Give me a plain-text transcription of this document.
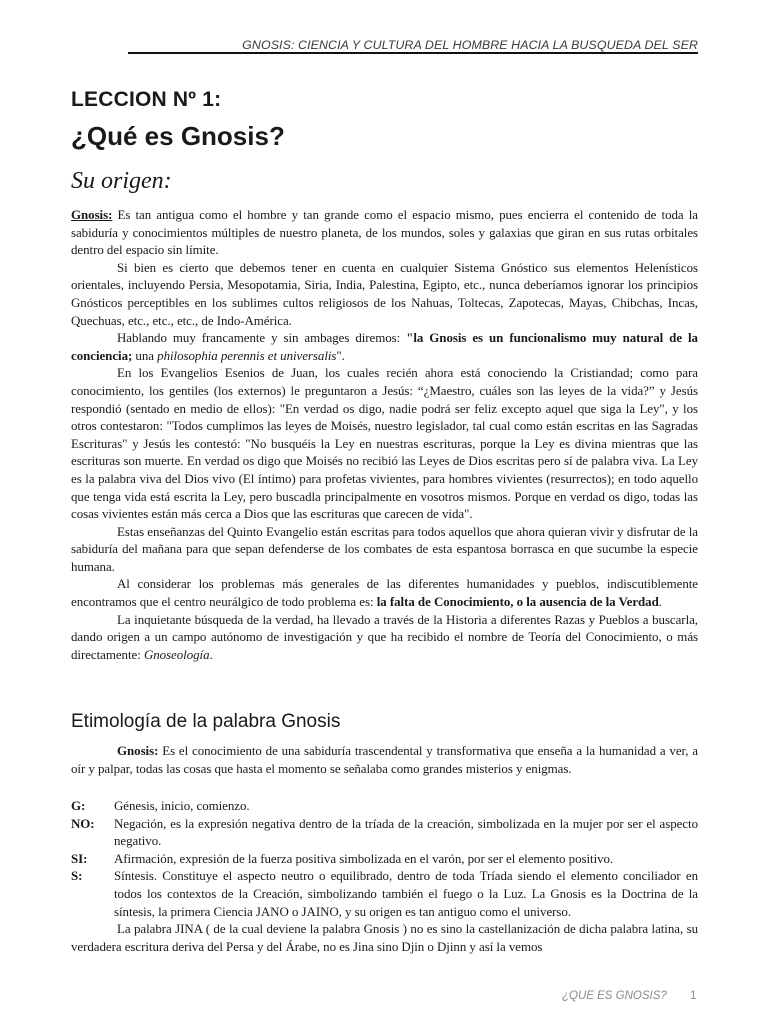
GNOSIS: CIENCIA Y CULTURA DEL HOMBRE HACIA LA BUSQUEDA DEL SER
LECCION Nº 1:
¿Qué es Gnosis?
Su origen:

Gnosis: Es tan antigua como el hombre y tan grande como el espacio mismo, pues encierra el contenido de toda la sabiduría y conocimientos múltiples de nuestro planeta, de los mundos, soles y galaxias que giran en sus rutas orbitales dentro del espacio sin límite.

Si bien es cierto que debemos tener en cuenta en cualquier Sistema Gnóstico sus elementos Helenísticos orientales, incluyendo Persia, Mesopotamia, Siria, India, Palestina, Egipto, etc., nunca deberíamos ignorar los principios Gnósticos perceptibles en los sublimes cultos religiosos de los Nahuas, Toltecas, Zapotecas, Mayas, Chibchas, Incas, Quechuas, etc., etc., etc., de Indo-América.

Hablando muy francamente y sin ambages diremos: "la Gnosis es un funcionalismo muy natural de la conciencia; una philosophia perennis et universalis".

En los Evangelios Esenios de Juan, los cuales recién ahora está conociendo la Cristiandad; como para conocimiento, los gentiles (los externos) le preguntaron a Jesús: “¿Maestro, cuáles son las leyes de la vida?” y Jesús respondió (sentado en medio de ellos): "En verdad os digo, nadie podrá ser feliz excepto aquel que siga la Ley", y los otros contestaron: "Todos cumplimos las leyes de Moisés, nuestro legislador, tal cual como están escritas en las Sagradas Escrituras" y Jesús les contestó: "No busquéis la Ley en nuestras escrituras, porque la Ley es divina mientras que las escrituras son muerte. En verdad os digo que Moisés no recibió las Leyes de Dios escritas pero sí de palabra viva. La Ley es la palabra viva del Dios vivo (El íntimo) para profetas vivientes, para hombres vivientes (resurrectos); en todo aquello que tenga vida está escrita la Ley, pero buscadla principalmente en vosotros mismos. Porque en verdad os digo, todas las cosas vivientes están más cerca a Dios que las escrituras que carecen de vida".

Estas enseñanzas del Quinto Evangelio están escritas para todos aquellos que ahora quieran vivir y disfrutar de la sabiduría del mañana para que sepan defenderse de los combates de esta espantosa borrasca en que sucumbe la especie humana.

Al considerar los problemas más generales de las diferentes humanidades y pueblos, indiscutiblemente encontramos que el centro neurálgico de todo problema es: la falta de Conocimiento, o la ausencia de la Verdad.

La inquietante búsqueda de la verdad, ha llevado a través de la Historia a diferentes Razas y Pueblos a buscarla, dando origen a un campo autónomo de investigación y que ha recibido el nombre de Teoría del Conocimiento, o más directamente: Gnoseología.

Etimología de la palabra Gnosis

Gnosis: Es el conocimiento de una sabiduría trascendental y transformativa que enseña a la humanidad a ver, a oír y palpar, todas las cosas que hasta el momento se señalaba como grandes misterios y enigmas.

G:	Génesis, inicio, comienzo.
NO:	Negación, es la expresión negativa dentro de la tríada de la creación, simbolizada en la mujer por ser el aspecto negativo.
SI:	Afirmación, expresión de la fuerza positiva simbolizada en el varón, por ser el elemento positivo.
S:	Síntesis. Constituye el aspecto neutro o equilibrado, dentro de toda Tríada siendo el elemento conciliador en todos los contextos de la Creación, simbolizando también el fuego o la Luz. La Gnosis es la Doctrina de la síntesis, la primera Ciencia JANO o JAINO, y su origen es tan antiguo como el universo.

La palabra JINA ( de la cual deviene la palabra Gnosis ) no es sino la castellanización de dicha palabra latina, su verdadera escritura deriva del Persa y del Árabe, no es Jina sino Djin o Djinn y así la vemos

¿QUE ES GNOSIS? 1
